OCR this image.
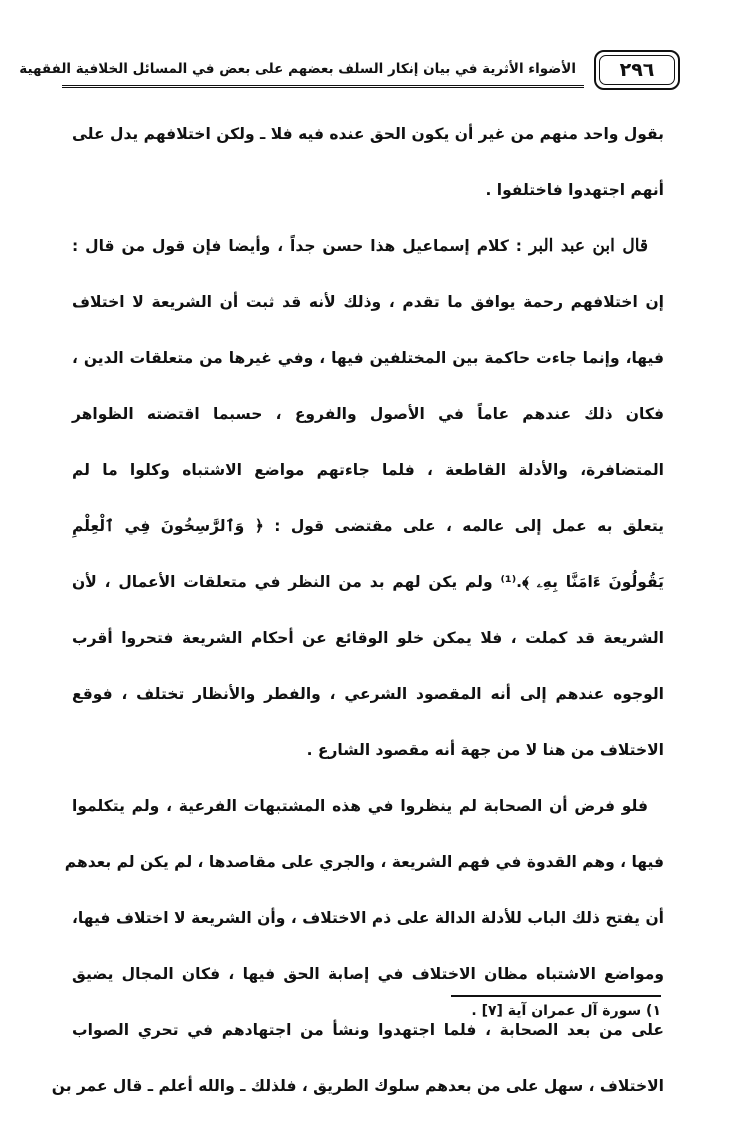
٢٩٦
الأضواء الأثرية في بيان إنكار السلف بعضهم على بعض في المسائل الخلافية الفقهية
بقول واحد منهم من غير أن يكون الحق عنده فيه فلا ـ ولكن اختلافهم يدل على
أنهم اجتهدوا فاختلفوا .
قال ابن عبد البر : كلام إسماعيل هذا حسن جداً ، وأيضا فإن قول من قال :
إن اختلافهم رحمة يوافق ما تقدم ، وذلك لأنه قد ثبت أن الشريعة لا اختلاف
فيها، وإنما جاءت حاكمة بين المختلفين فيها ، وفي غيرها من متعلقات الدين ،
فكان ذلك عندهم عاماً في الأصول والفروع ، حسبما اقتضته الظواهر
المتضافرة، والأدلة القاطعة ، فلما جاءتهم مواضع الاشتباه وكلوا ما لم
يتعلق به عمل إلى عالمه ، على مقتضى قول : ﴿ وَٱلرَّٰسِخُونَ فِي ٱلْعِلْمِ
يَقُولُونَ ءَامَنَّا بِهِۦ ﴾.⁽¹⁾ ولم يكن لهم بد من النظر في متعلقات الأعمال ، لأن
الشريعة قد كملت ، فلا يمكن خلو الوقائع عن أحكام الشريعة فتحروا أقرب
الوجوه عندهم إلى أنه المقصود الشرعي ، والفطر والأنظار تختلف ، فوقع
الاختلاف من هنا لا من جهة أنه مقصود الشارع .
فلو فرض أن الصحابة لم ينظروا في هذه المشتبهات الفرعية ، ولم يتكلموا
فيها ، وهم القدوة في فهم الشريعة ، والجري على مقاصدها ، لم يكن لم بعدهم
أن يفتح ذلك الباب للأدلة الدالة على ذم الاختلاف ، وأن الشريعة لا اختلاف فيها،
ومواضع الاشتباه مظان الاختلاف في إصابة الحق فيها ، فكان المجال يضيق
على من بعد الصحابة ، فلما اجتهدوا ونشأ من اجتهادهم في تحري الصواب
الاختلاف ، سهل على من بعدهم سلوك الطريق ، فلذلك ـ والله أعلم ـ قال عمر بن
١) سورة آل عمران آية [٧] .
